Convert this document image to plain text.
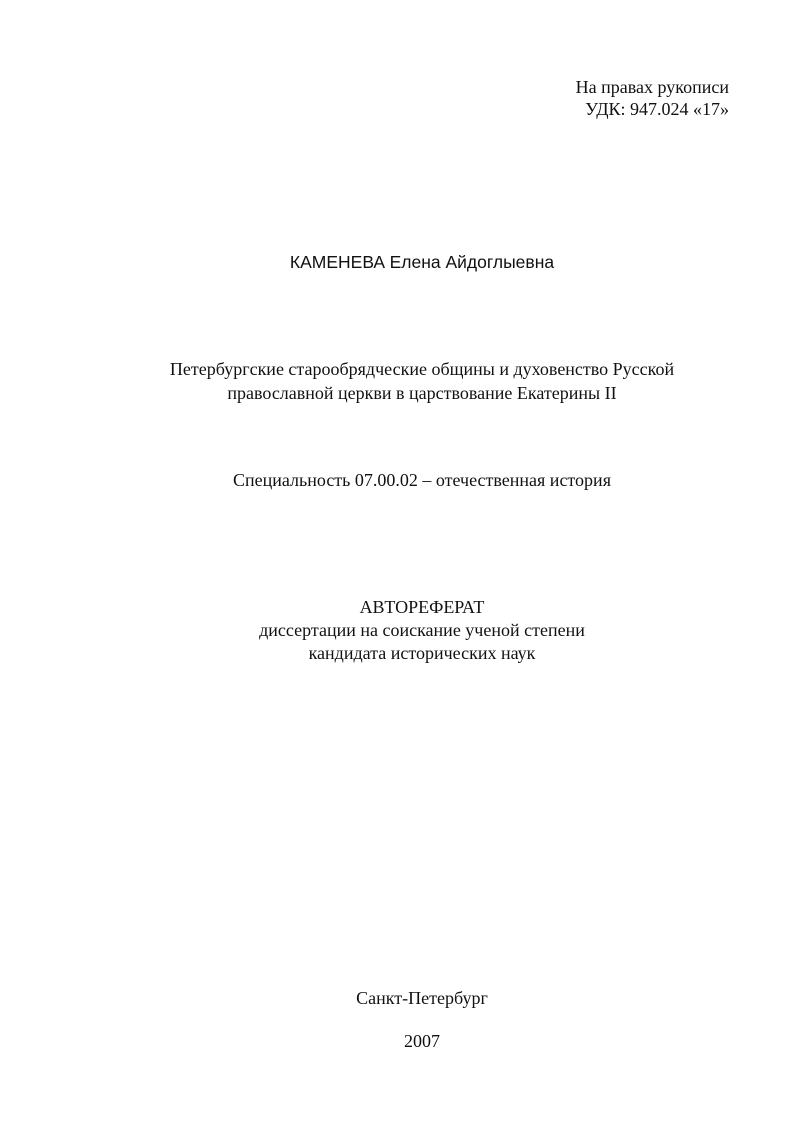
На правах рукописи
УДК: 947.024 «17»
КАМЕНЕВА Елена Айдоглыевна
Петербургские старообрядческие общины и духовенство Русской
православной церкви в царствование Екатерины II
Специальность 07.00.02 – отечественная история
АВТОРЕФЕРАТ
диссертации на соискание ученой степени
кандидата исторических наук
Санкт-Петербург
2007
